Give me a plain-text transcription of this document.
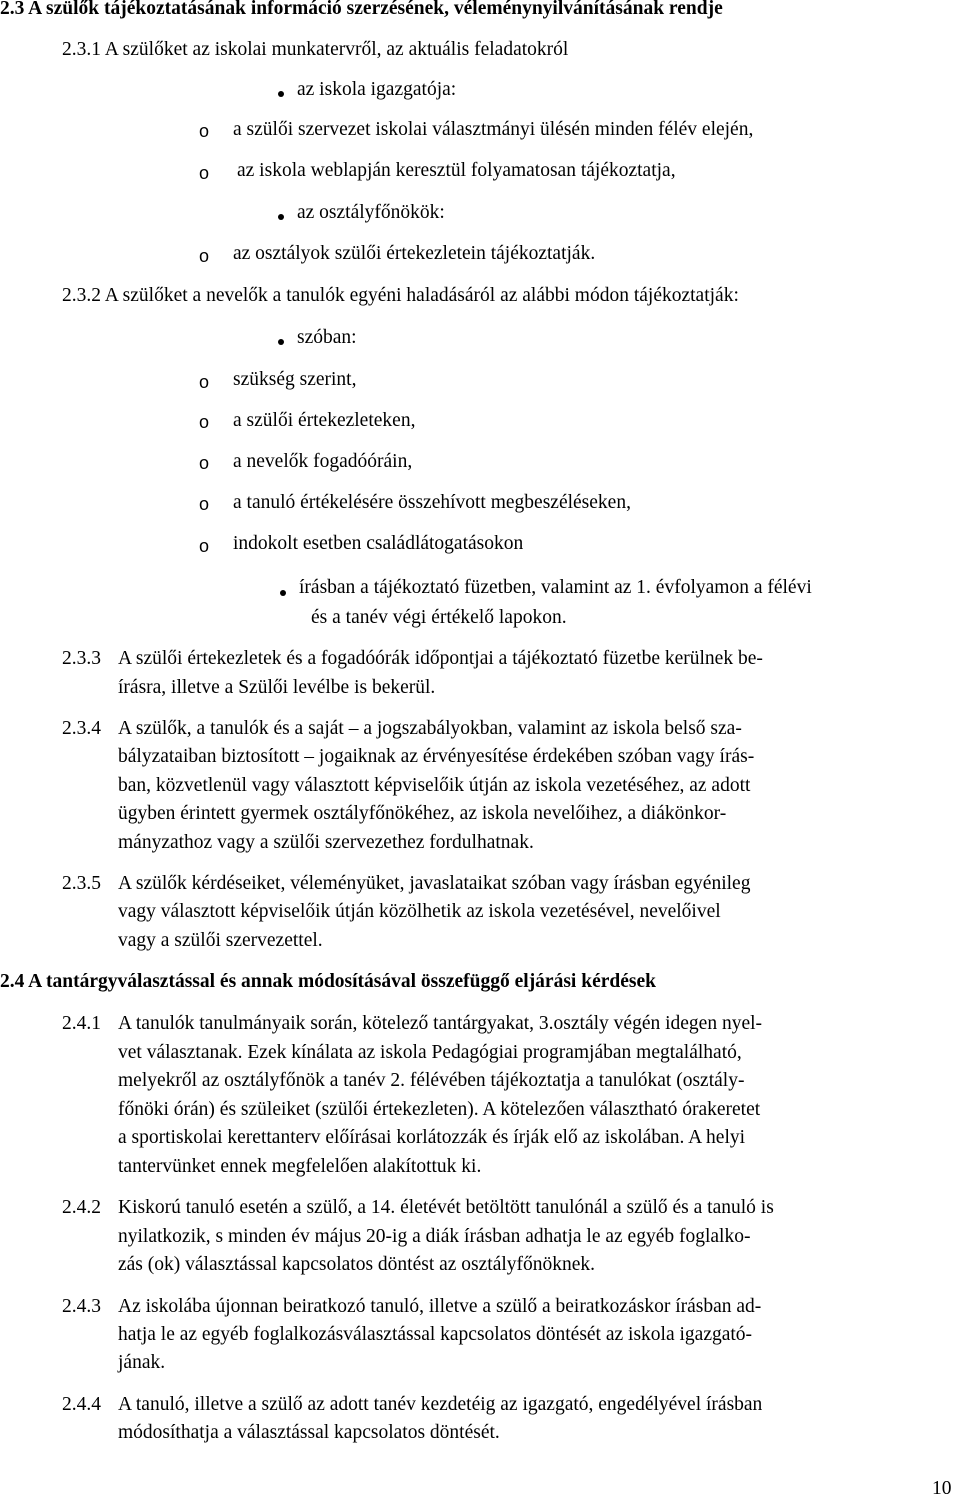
2.3 A szülők tájékoztatásának információ szerzésének, véleménynyilvánításának rendje
2.3.1 A szülőket az iskolai munkatervről, az aktuális feladatokról
az iskola igazgatója:
o a szülői szervezet iskolai választmányi ülésén minden félév elején,
o az iskola weblapján keresztül folyamatosan tájékoztatja,
az osztályfőnökök:
o az osztályok szülői értekezletein tájékoztatják.
2.3.2 A szülőket a nevelők a tanulók egyéni haladásáról az alábbi módon tájékoztatják:
szóban:
o szükség szerint,
o a szülői értekezleteken,
o a nevelők fogadóóráin,
o a tanuló értékelésére összehívott megbeszéléseken,
o indokolt esetben családlátogatásokon
írásban a tájékoztató füzetben, valamint az 1. évfolyamon a félévi
és a tanév végi értékelő lapokon.
2.3.3 A szülői értekezletek és a fogadóórák időpontjai a tájékoztató füzetbe kerülnek be-
írásra, illetve a Szülői levélbe is bekerül.
2.3.4 A szülők, a tanulók és a saját – a jogszabályokban, valamint az iskola belső sza-
bályzataiban biztosított – jogaiknak az érvényesítése érdekében szóban vagy írás-
ban, közvetlenül vagy választott képviselőik útján az iskola vezetéséhez, az adott
ügyben érintett gyermek osztályfőnökéhez, az iskola nevelőihez, a diákönkor-
mányzathoz vagy a szülői szervezethez fordulhatnak.
2.3.5 A szülők kérdéseiket, véleményüket, javaslataikat szóban vagy írásban egyénileg
vagy választott képviselőik útján közölhetik az iskola vezetésével, nevelőivel
vagy a szülői szervezettel.
2.4 A tantárgyválasztással és annak módosításával összefüggő eljárási kérdések
2.4.1 A tanulók tanulmányaik során, kötelező tantárgyakat, 3.osztály végén idegen nyel-
vet választanak. Ezek kínálata az iskola Pedagógiai programjában megtalálható,
melyekről az osztályfőnök a tanév 2. félévében tájékoztatja a tanulókat (osztály-
főnöki órán) és szüleiket (szülői értekezleten). A kötelezően választható órakeretet
a sportiskolai kerettanterv előírásai korlátozzák és írják elő az iskolában. A helyi
tantervünket ennek megfelelően alakítottuk ki.
2.4.2 Kiskorú tanuló esetén a szülő, a 14. életévét betöltött tanulónál a szülő és a tanuló is
nyilatkozik, s minden év május 20-ig a diák írásban adhatja le az egyéb foglalko-
zás (ok) választással kapcsolatos döntést az osztályfőnöknek.
2.4.3 Az iskolába újonnan beiratkozó tanuló, illetve a szülő a beiratkozáskor írásban ad-
hatja le az egyéb foglalkozásválasztással kapcsolatos döntését az iskola igazgató-
jának.
2.4.4 A tanuló, illetve a szülő az adott tanév kezdetéig az igazgató, engedélyével írásban
módosíthatja a választással kapcsolatos döntését.
10
